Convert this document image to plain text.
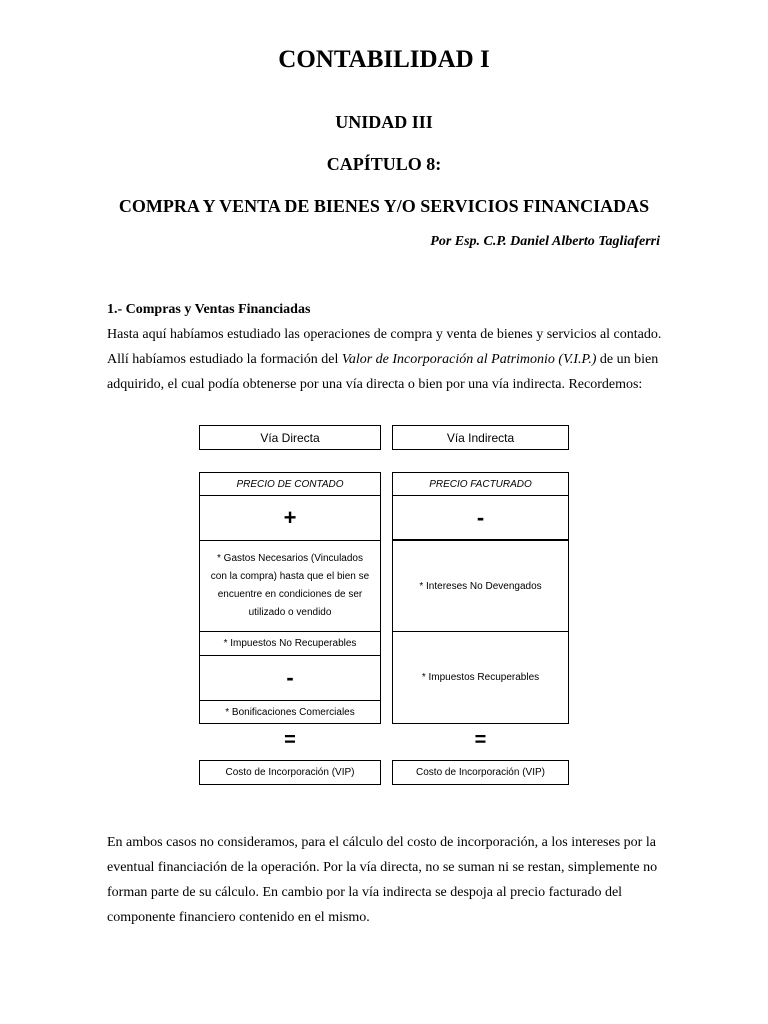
CONTABILIDAD I
UNIDAD III
CAPÍTULO 8:
COMPRA Y VENTA DE BIENES Y/O SERVICIOS FINANCIADAS
Por Esp. C.P. Daniel Alberto Tagliaferri
1.- Compras y Ventas Financiadas
Hasta aquí habíamos estudiado las operaciones de compra y venta de bienes y servicios al contado.
Allí habíamos estudiado la formación del Valor de Incorporación al Patrimonio (V.I.P.) de un bien
adquirido, el cual podía obtenerse por una vía directa o bien por una vía indirecta. Recordemos:
Vía Directa
PRECIO DE CONTADO
+
* Gastos Necesarios (Vinculados
con la compra) hasta que el bien se
encuentre en condiciones de ser
utilizado o vendido
* Impuestos No Recuperables
-
* Bonificaciones Comerciales
=
Costo de Incorporación (VIP)
Vía Indirecta
PRECIO FACTURADO
-
* Intereses No Devengados
* Impuestos Recuperables
=
Costo de Incorporación (VIP)
En ambos casos no consideramos, para el cálculo del costo de incorporación, a los intereses por la
eventual financiación de la operación. Por la vía directa, no se suman ni se restan, simplemente no
forman parte de su cálculo. En cambio por la vía indirecta se despoja al precio facturado del
componente financiero contenido en el mismo.
